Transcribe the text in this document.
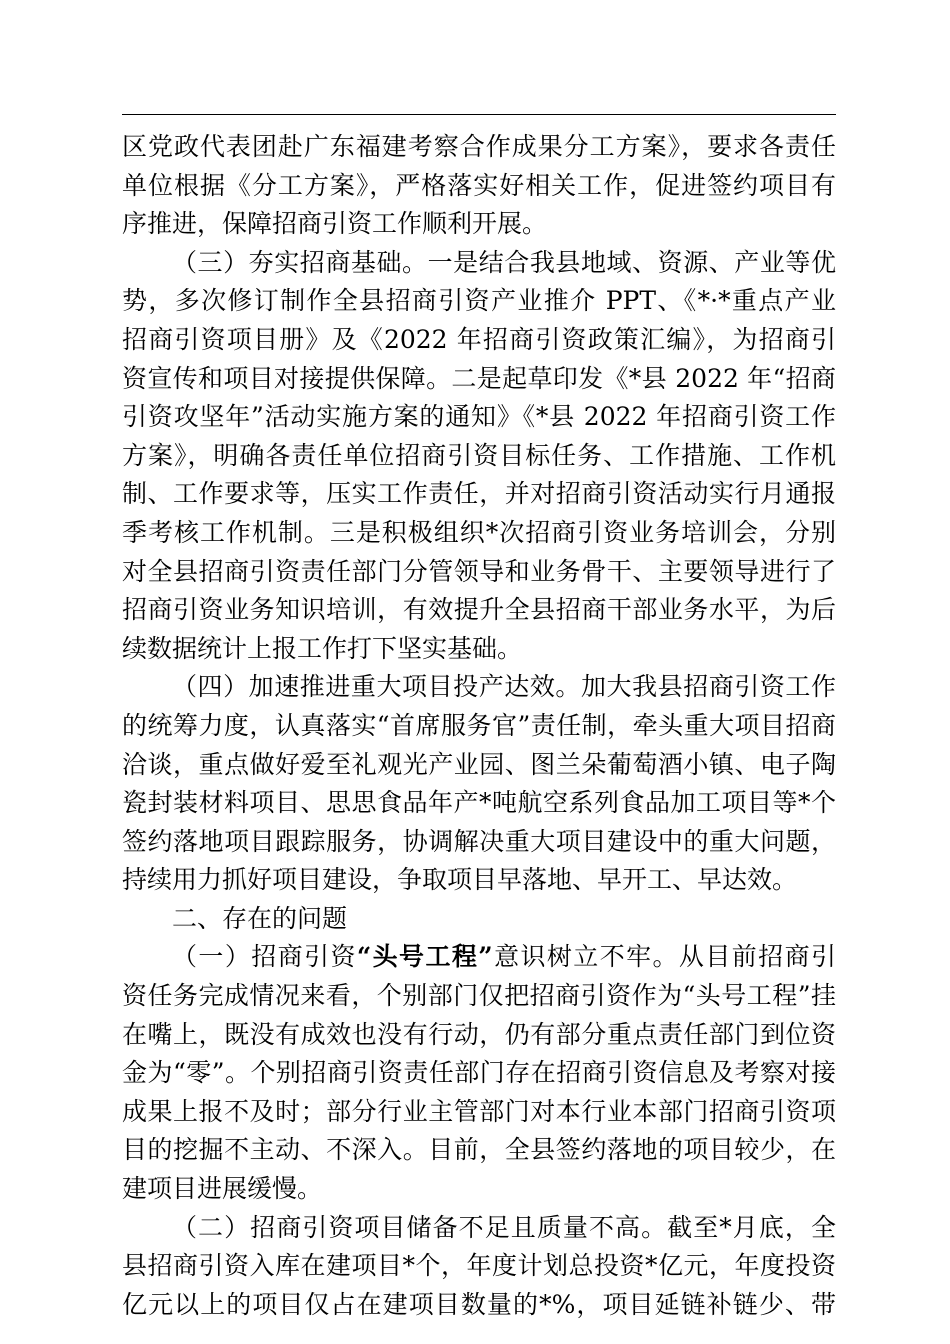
区党政代表团赴广东福建考察合作成果分工方案》，要求各责任
单位根据《分工方案》，严格落实好相关工作，促进签约项目有
序推进，保障招商引资工作顺利开展。
（三）夯实招商基础。一是结合我县地域、资源、产业等优
势，多次修订制作全县招商引资产业推介 PPT、《*·*重点产业
招商引资项目册》及《2022 年招商引资政策汇编》，为招商引
资宣传和项目对接提供保障。二是起草印发《*县 2022 年“招商
引资攻坚年”活动实施方案的通知》《*县 2022 年招商引资工作
方案》，明确各责任单位招商引资目标任务、工作措施、工作机
制、工作要求等，压实工作责任，并对招商引资活动实行月通报
季考核工作机制。三是积极组织*次招商引资业务培训会，分别
对全县招商引资责任部门分管领导和业务骨干、主要领导进行了
招商引资业务知识培训，有效提升全县招商干部业务水平，为后
续数据统计上报工作打下坚实基础。
（四）加速推进重大项目投产达效。加大我县招商引资工作
的统筹力度，认真落实“首席服务官”责任制，牵头重大项目招商
洽谈，重点做好爱至礼观光产业园、图兰朵葡萄酒小镇、电子陶
瓷封装材料项目、思思食品年产*吨航空系列食品加工项目等*个
签约落地项目跟踪服务，协调解决重大项目建设中的重大问题，
持续用力抓好项目建设，争取项目早落地、早开工、早达效。
二、存在的问题
（一）招商引资“头号工程”意识树立不牢。从目前招商引
资任务完成情况来看，个别部门仅把招商引资作为“头号工程”挂
在嘴上，既没有成效也没有行动，仍有部分重点责任部门到位资
金为“零”。个别招商引资责任部门存在招商引资信息及考察对接
成果上报不及时；部分行业主管部门对本行业本部门招商引资项
目的挖掘不主动、不深入。目前，全县签约落地的项目较少，在
建项目进展缓慢。
（二）招商引资项目储备不足且质量不高。截至*月底，全
县招商引资入库在建项目*个，年度计划总投资*亿元，年度投资
亿元以上的项目仅占在建项目数量的*%，项目延链补链少、带
